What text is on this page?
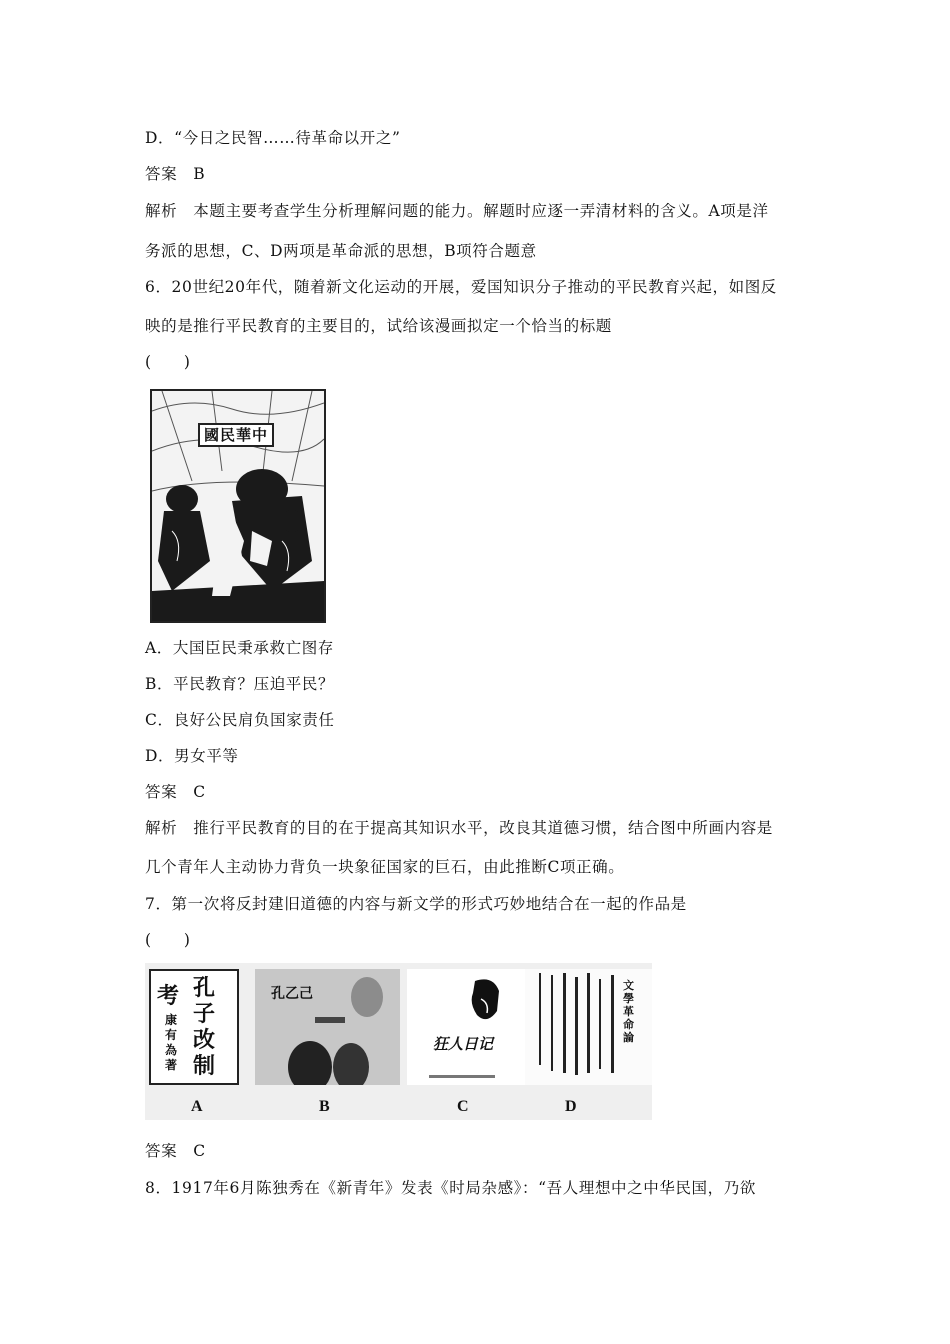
D．“今日之民智……待革命以开之”
答案　B
解析　本题主要考查学生分析理解问题的能力。解题时应逐一弄清材料的含义。A项是洋
务派的思想，C、D两项是革命派的思想，B项符合题意
6．20世纪20年代，随着新文化运动的开展，爱国知识分子推动的平民教育兴起，如图反
映的是推行平民教育的主要目的，试给该漫画拟定一个恰当的标题
(　　)
國民華中
A．大国臣民秉承救亡图存
B．平民教育？压迫平民？
C．良好公民肩负国家责任
D．男女平等
答案　C
解析　推行平民教育的目的在于提高其知识水平，改良其道德习惯，结合图中所画内容是
几个青年人主动协力背负一块象征国家的巨石，由此推断C项正确。
7．第一次将反封建旧道德的内容与新文学的形式巧妙地结合在一起的作品是
(　　)
考 孔子改制
康有為著
孔乙己
狂人日记
文學革命論
A	B	C	D
答案　C
8．1917年6月陈独秀在《新青年》发表《时局杂感》：“吾人理想中之中华民国，乃欲
